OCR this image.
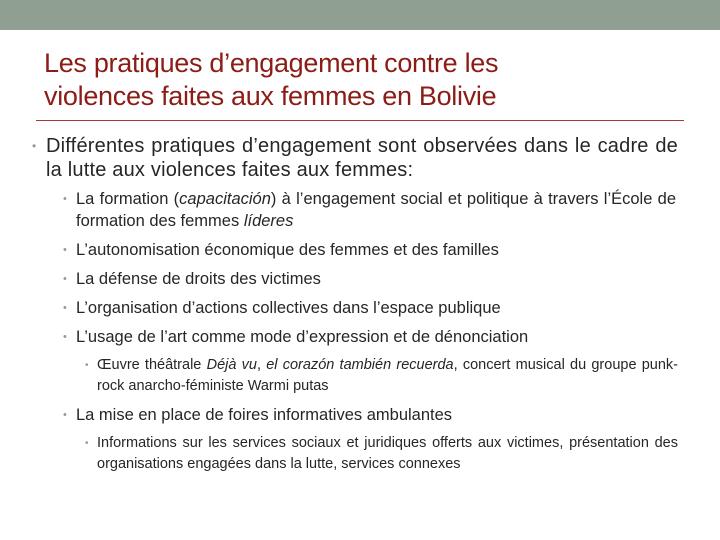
Les pratiques d’engagement contre les
violences faites aux femmes en Bolivie
• Différentes pratiques d’engagement sont observées dans le cadre de la lutte aux violences faites aux femmes:
• La formation (capacitación) à l’engagement social et politique à travers l’École de formation des femmes líderes
• L’autonomisation économique des femmes et des familles
• La défense de droits des victimes
• L’organisation d’actions collectives dans l’espace publique
• L’usage de l’art comme mode d’expression et de dénonciation
• Œuvre théâtrale Déjà vu, el corazón también recuerda, concert musical du groupe punk-rock anarcho-féministe Warmi putas
• La mise en place de foires informatives ambulantes
• Informations sur les services sociaux et juridiques offerts aux victimes, présentation des organisations engagées dans la lutte, services connexes
